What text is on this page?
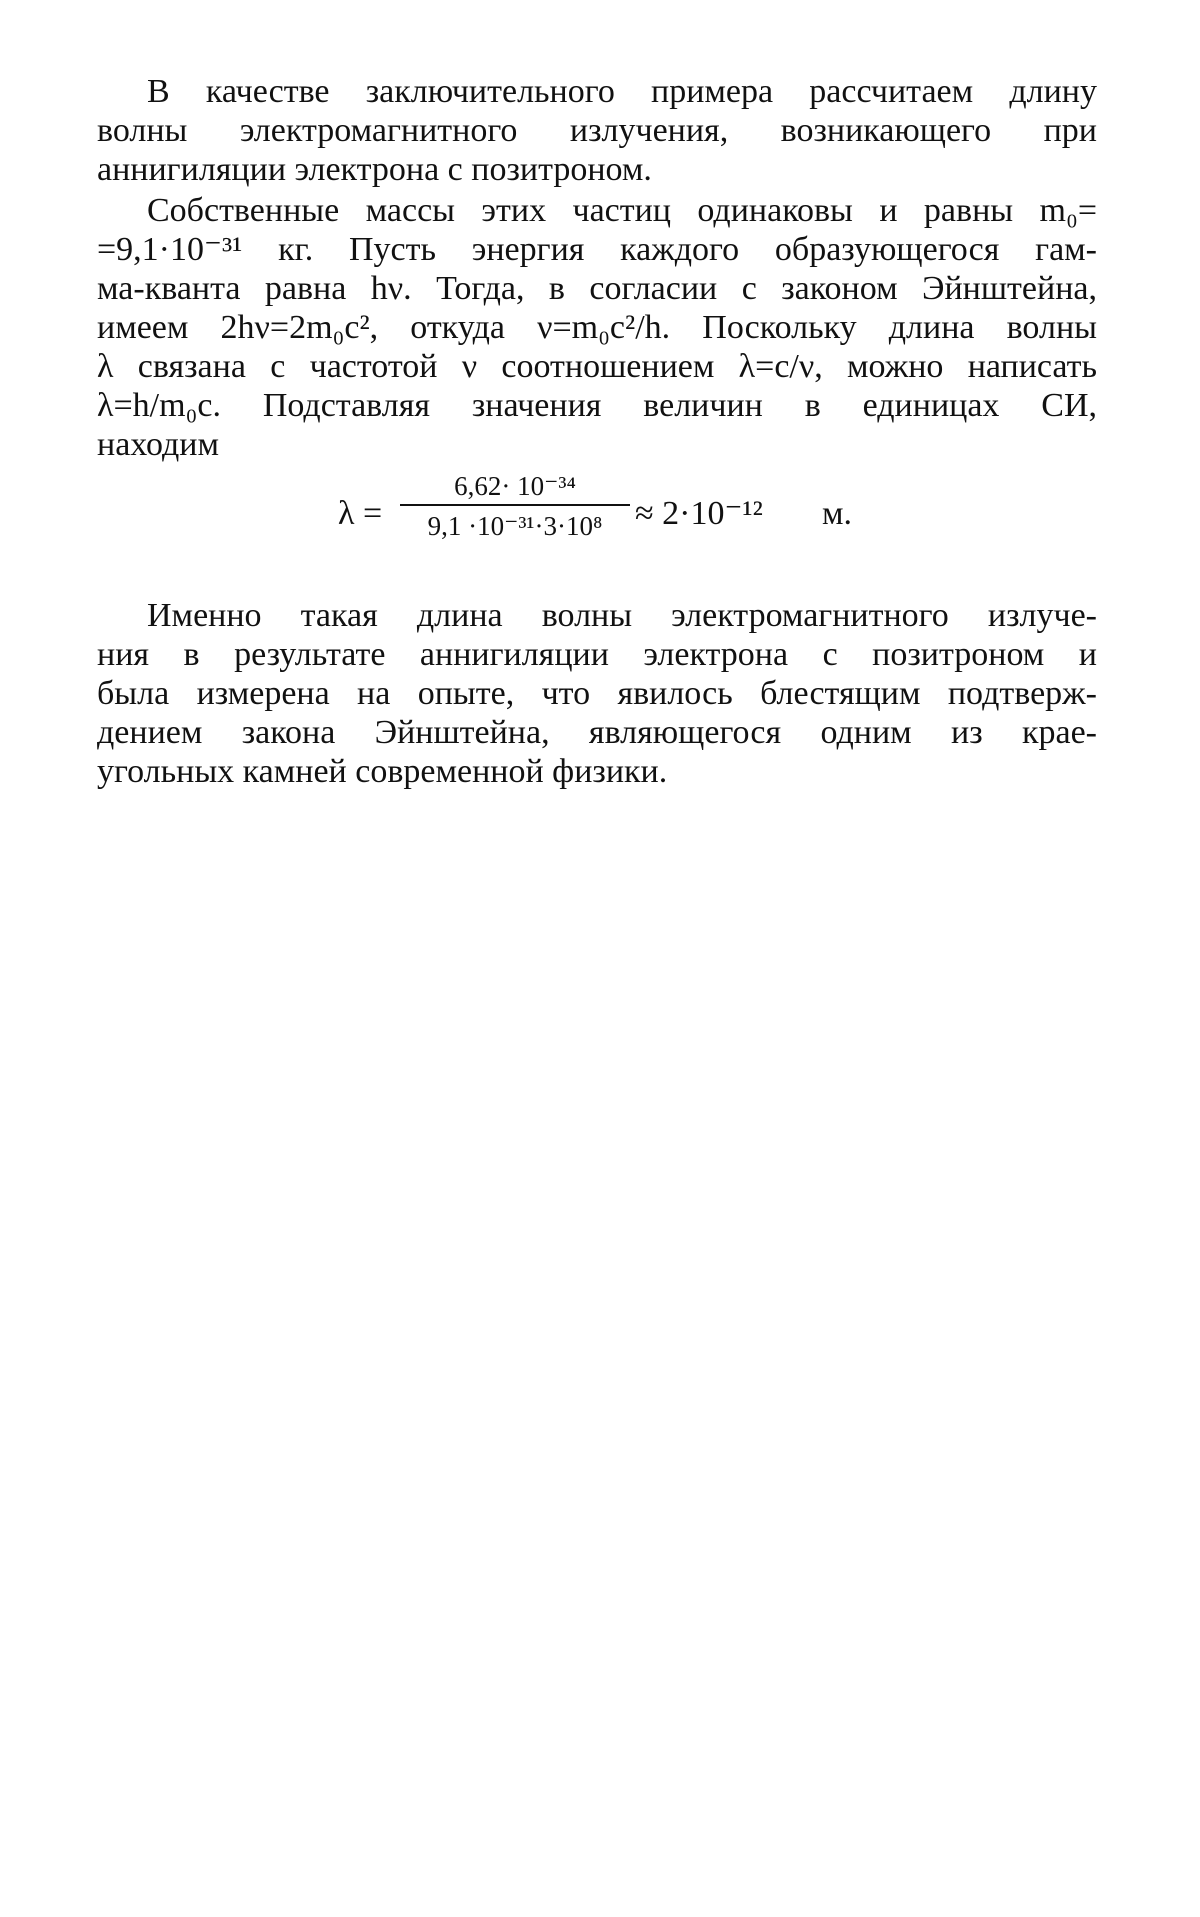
В качестве заключительного примера рассчитаем длину
волны электромагнитного излучения, возникающего при
аннигиляции электрона с позитроном.

Собственные массы этих частиц одинаковы и равны m₀=
=9,1·10⁻³¹ кг. Пусть энергия каждого образующегося гам-
ма-кванта равна hν. Тогда, в согласии с законом Эйнштейна,
имеем 2hν=2m₀c², откуда ν=m₀c²/h. Поскольку длина волны
λ связана с частотой ν соотношением λ=c/ν, можно написать
λ=h/m₀c. Подставляя значения величин в единицах СИ,
находим

λ =
6,62· 10⁻³⁴
9,1 ·10⁻³¹·3·10⁸ ≈ 2·10⁻¹² м.

Именно такая длина волны электромагнитного излуче-
ния в результате аннигиляции электрона с позитроном и
была измерена на опыте, что явилось блестящим подтверж-
дением закона Эйнштейна, являющегося одним из крае-
угольных камней современной физики.
